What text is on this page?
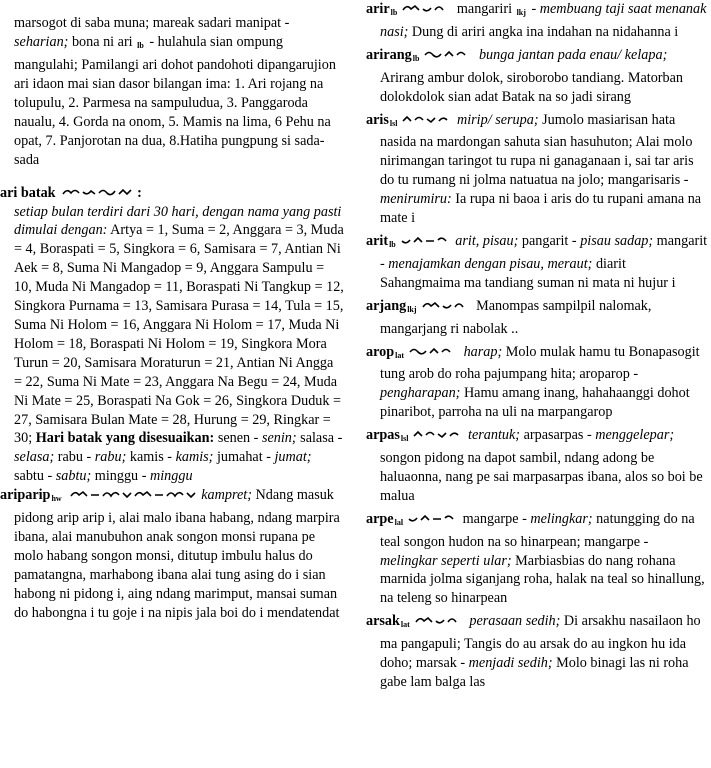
marsogot di saba muna; mareak sadari manipat - seharian; bona ni ari lb - hulahula sian ompung mangulahi; Pamilangi ari dohot pandohoti dipangarujion ari idaon mai sian dasor bilangan ima: 1. Ari rojang na tolupulu, 2. Parmesa na sampuludua, 3. Panggaroda naualu, 4. Gorda na onom, 5. Mamis na lima, 6 Pehu na opat, 7. Panjorotan na dua, 8.Hatiha pungpung si sada-sada

ari batak	:
setiap bulan terdiri dari 30 hari, dengan nama yang pasti dimulai dengan: Artya = 1, Suma = 2, Anggara = 3, Muda = 4, Boraspati = 5, Singkora = 6, Samisara = 7, Antian Ni Aek = 8, Suma Ni Mangadop = 9, Anggara Sampulu = 10, Muda Ni Mangadop = 11, Boraspati Ni Tangkup = 12, Singkora Purnama = 13, Samisara Purasa = 14, Tula = 15, Suma Ni Holom = 16, Anggara Ni Holom = 17, Muda Ni Holom = 18, Boraspati Ni Holom = 19, Singkora Mora Turun = 20, Samisara Moraturun = 21, Antian Ni Angga = 22, Suma Ni Mate = 23, Anggara Na Begu = 24, Muda Ni Mate = 25, Boraspati Na Gok = 26, Singkora Duduk = 27, Samisara Bulan Mate = 28, Hurung = 29, Ringkar = 30; Hari batak yang disesuaikan: senen - senin; salasa - selasa; rabu - rabu; kamis - kamis; jumahat - jumat; sabtu - sabtu; minggu - minggu

aripariphw	kampret; Ndang masuk pidong arip arip i, alai malo ibana habang, ndang marpira ibana, alai manubuhon anak songon monsi rupana pe molo habang songon monsi, ditutup imbulu halus do pamatangna, marhabong ibana alai tung asing do i sian habong ni pidong i, aing ndang marimput, mansai suman do habongna i tu goje i na nipis jala boi do i mendatendat

arirlb	mangariri lkj - membuang taji saat menanak nasi; Dung di ariri angka ina indahan na nidahanna i

ariranglb	bunga jantan pada enau/ kelapa; Arirang ambur dolok, siroborobo tandiang. Matorban dolokdolok sian adat Batak na so jadi sirang

arislsl	mirip/ serupa; Jumolo masiarisan hata nasida na mardongan sahuta sian hasuhuton; Alai molo nirimangan taringot tu rupa ni ganaganaan i, sai tar aris do tu rumang ni jolma natuatua na jolo; mangarisaris - menirumiru: Ia rupa ni baoa i aris do tu rupani amana na mate i

aritlb	arit, pisau; pangarit - pisau sadap; mangarit - menajamkan dengan pisau, meraut; diarit Sahangmaima ma tandiang suman ni mata ni hujur i

arjanglkj	Manompas sampilpil nalomak, mangarjang ri nabolak ..

aroplat	harap; Molo mulak hamu tu Bonapasogit tung arob do roha pajumpang hita; aroparop - pengharapan; Hamu amang inang, hahahaanggi dohot pinaribot, parroha na uli na marpangarop

arpaslsl	terantuk; arpasarpas - menggelepar; songon pidong na dapot sambil, ndang adong be haluaonna, nang pe sai marpasarpas ibana, alos so boi be malua

arpelal	mangarpe - melingkar; natungging do na teal songon hudon na so hinarpean; mangarpe - melingkar seperti ular; Marbiasbias do nang rohana marnida jolma siganjang roha, halak na teal so hinallung, na teleng so hinarpean

arsaklat	perasaan sedih; Di arsakhu nasailaon ho ma pangapuli; Tangis do au arsak do au ingkon hu ida doho; marsak - menjadi sedih; Molo binagi las ni roha gabe lam balga las
